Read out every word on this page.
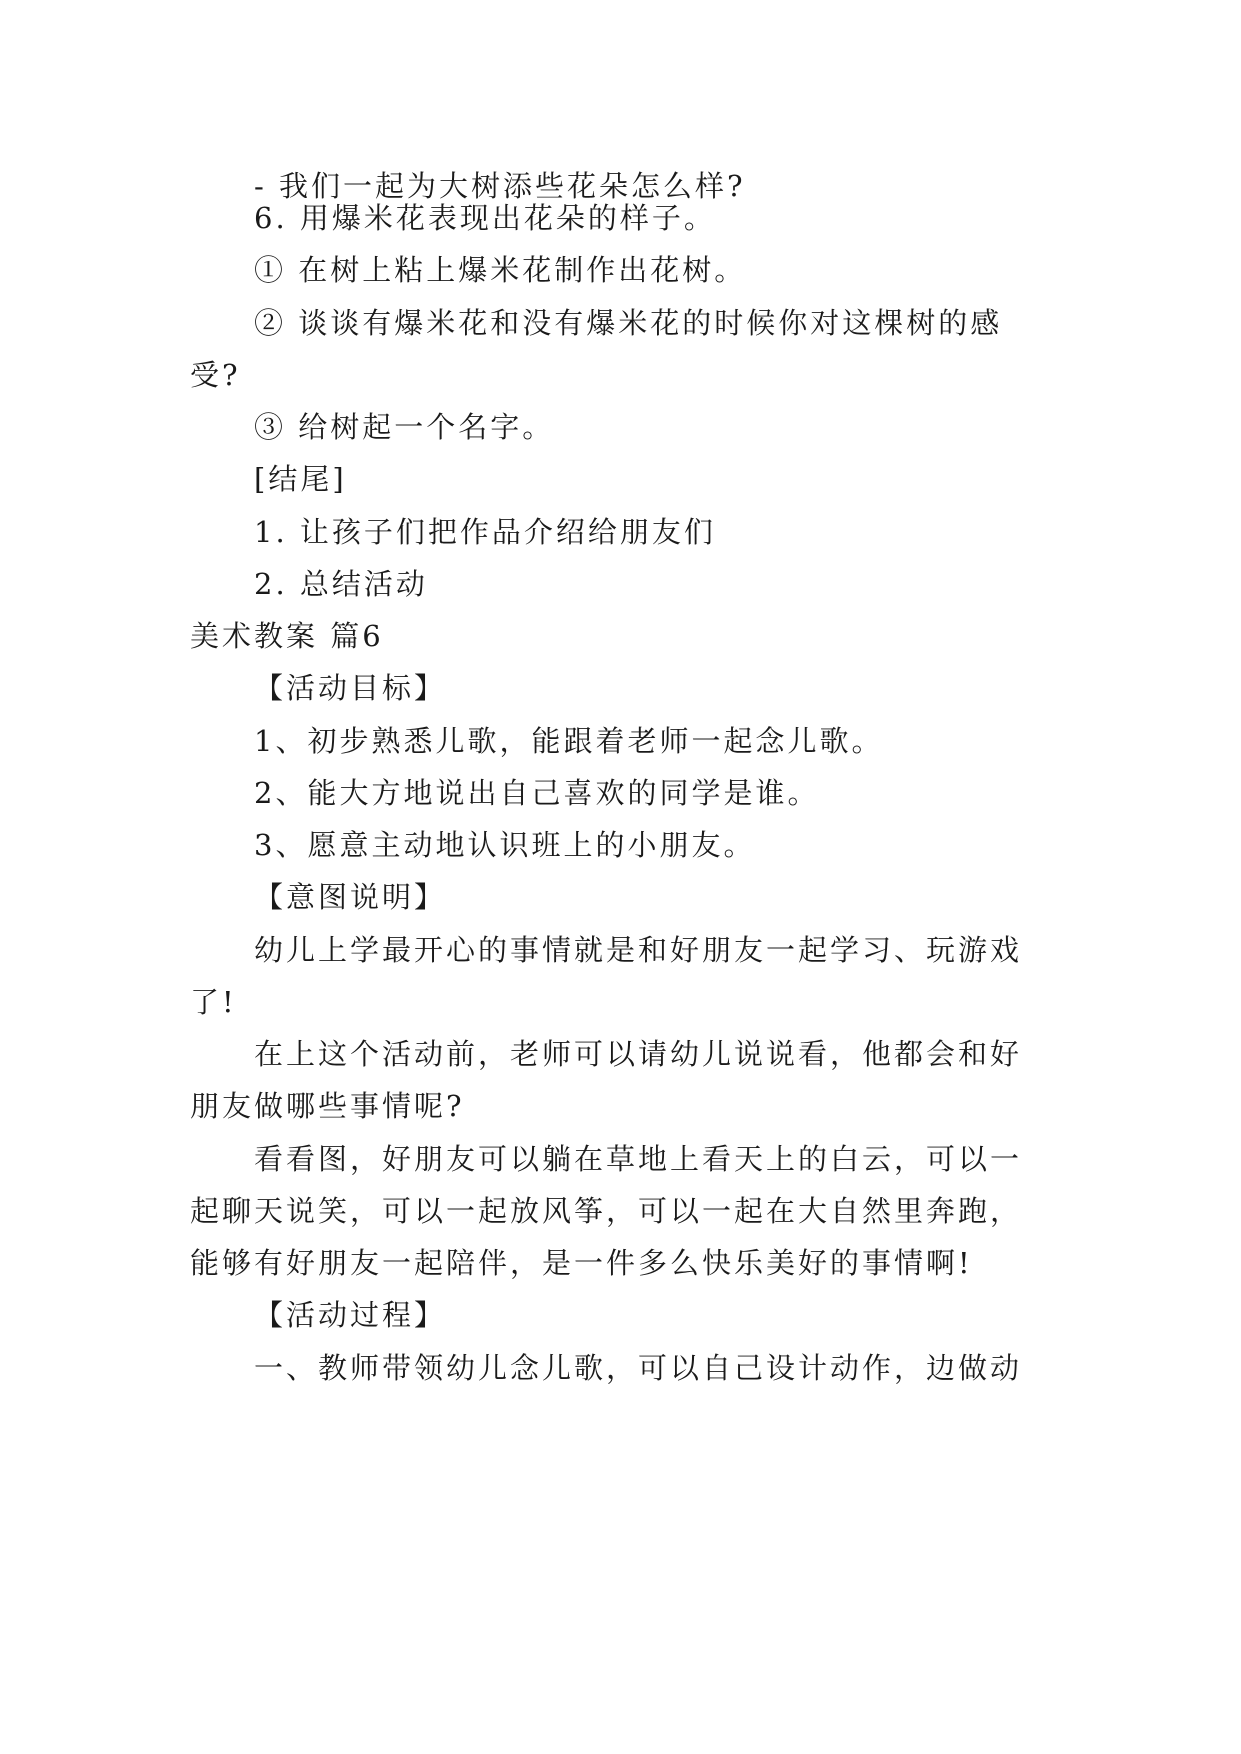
- 我们一起为大树添些花朵怎么样?
6. 用爆米花表现出花朵的样子。
① 在树上粘上爆米花制作出花树。
② 谈谈有爆米花和没有爆米花的时候你对这棵树的感
受?
③ 给树起一个名字。
[结尾]
1. 让孩子们把作品介绍给朋友们
2. 总结活动
美术教案 篇6
【活动目标】
1、初步熟悉儿歌，能跟着老师一起念儿歌。
2、能大方地说出自己喜欢的同学是谁。
3、愿意主动地认识班上的小朋友。
【意图说明】
幼儿上学最开心的事情就是和好朋友一起学习、玩游戏
了!
在上这个活动前，老师可以请幼儿说说看，他都会和好
朋友做哪些事情呢?
看看图，好朋友可以躺在草地上看天上的白云，可以一
起聊天说笑，可以一起放风筝，可以一起在大自然里奔跑，
能够有好朋友一起陪伴，是一件多么快乐美好的事情啊!
【活动过程】
一、教师带领幼儿念儿歌，可以自己设计动作，边做动
